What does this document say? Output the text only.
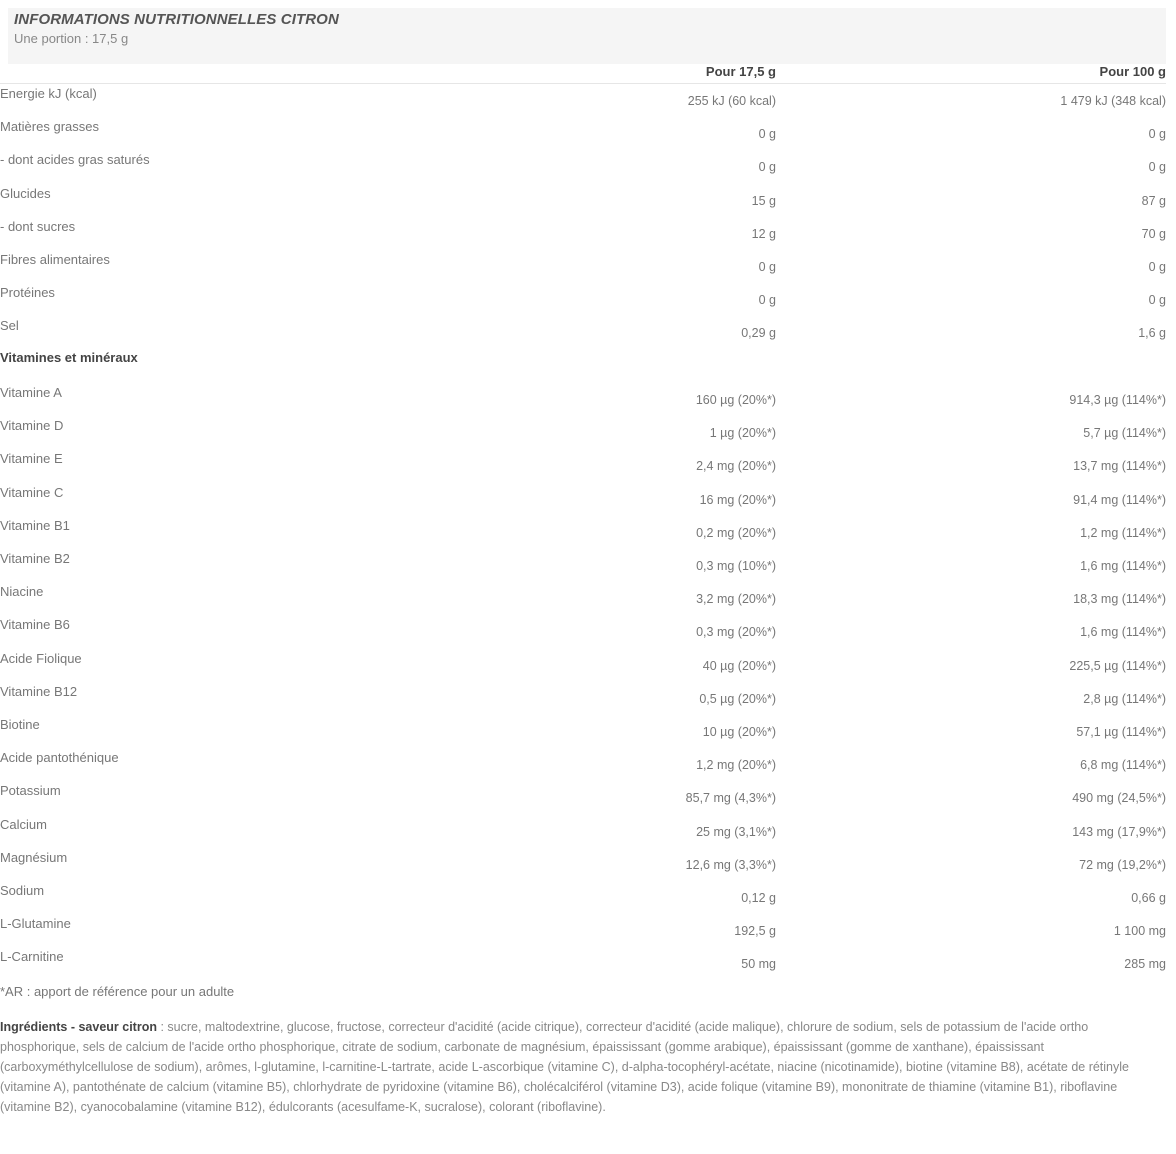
INFORMATIONS NUTRITIONNELLES CITRON
Une portion : 17,5 g
Pour 17,5 g	Pour 100 g
Energie kJ (kcal)	255 kJ (60 kcal)	1 479 kJ (348 kcal)
Matières grasses	0 g	0 g
- dont acides gras saturés	0 g	0 g
Glucides	15 g	87 g
- dont sucres	12 g	70 g
Fibres alimentaires	0 g	0 g
Protéines	0 g	0 g
Sel	0,29 g	1,6 g
Vitamines et minéraux
Vitamine A	160 µg (20%*)	914,3 µg (114%*)
Vitamine D	1 µg (20%*)	5,7 µg (114%*)
Vitamine E	2,4 mg (20%*)	13,7 mg (114%*)
Vitamine C	16 mg (20%*)	91,4 mg (114%*)
Vitamine B1	0,2 mg (20%*)	1,2 mg (114%*)
Vitamine B2	0,3 mg (10%*)	1,6 mg (114%*)
Niacine	3,2 mg (20%*)	18,3 mg (114%*)
Vitamine B6	0,3 mg (20%*)	1,6 mg (114%*)
Acide Fiolique	40 µg (20%*)	225,5 µg (114%*)
Vitamine B12	0,5 µg (20%*)	2,8 µg (114%*)
Biotine	10 µg (20%*)	57,1 µg (114%*)
Acide pantothénique	1,2 mg (20%*)	6,8 mg (114%*)
Potassium	85,7 mg (4,3%*)	490 mg (24,5%*)
Calcium	25 mg (3,1%*)	143 mg (17,9%*)
Magnésium	12,6 mg (3,3%*)	72 mg (19,2%*)
Sodium	0,12 g	0,66 g
L-Glutamine	192,5 g	1 100 mg
L-Carnitine	50 mg	285 mg
*AR : apport de référence pour un adulte
Ingrédients - saveur citron : sucre, maltodextrine, glucose, fructose, correcteur d'acidité (acide citrique), correcteur d'acidité (acide malique), chlorure de sodium, sels de potassium de l'acide ortho phosphorique, sels de calcium de l'acide ortho phosphorique, citrate de sodium, carbonate de magnésium, épaississant (gomme arabique), épaississant (gomme de xanthane), épaississant (carboxyméthylcellulose de sodium), arômes, l-glutamine, l-carnitine-L-tartrate, acide L-ascorbique (vitamine C), d-alpha-tocophéryl-acétate, niacine (nicotinamide), biotine (vitamine B8), acétate de rétinyle (vitamine A), pantothénate de calcium (vitamine B5), chlorhydrate de pyridoxine (vitamine B6), cholécalciférol (vitamine D3), acide folique (vitamine B9), mononitrate de thiamine (vitamine B1), riboflavine (vitamine B2), cyanocobalamine (vitamine B12), édulcorants (acesulfame-K, sucralose), colorant (riboflavine).
